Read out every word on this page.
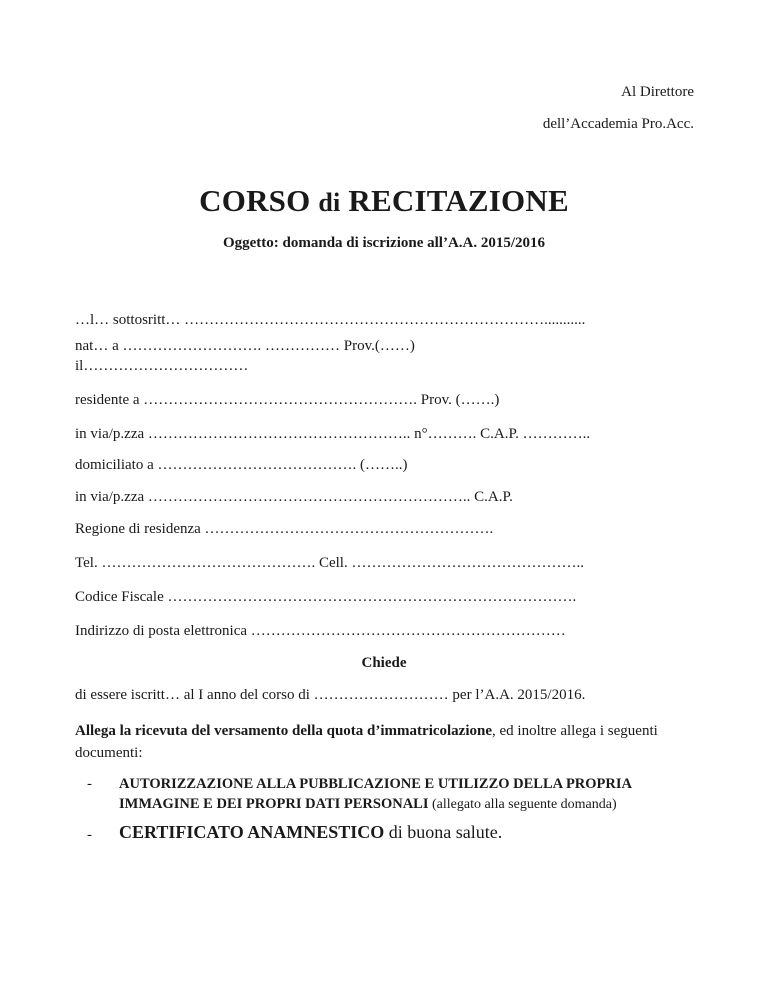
Al Direttore
dell’Accademia Pro.Acc.
CORSO di RECITAZIONE
Oggetto: domanda di iscrizione all’A.A. 2015/2016
…l… sottosritt… ………………………………………………………………...........
nat… a ………………………. …………… Prov.(……)
il……………………………
residente a ………………………………………………. Prov. (…….)
in via/p.zza …………………………………………….. n°………. C.A.P. …………..
domiciliato a …………………………………. (……..)
in via/p.zza ……………………………………………………….. C.A.P.
Regione di residenza ………………………………………………….
Tel. ……………………………………. Cell. ………………………………………..
Codice Fiscale ……………………………………………………………………….
Indirizzo di posta elettronica ………………………………………………………
Chiede
di essere iscritt… al I anno del corso di ……………………… per l’A.A. 2015/2016.
Allega la ricevuta del versamento della quota d’immatricolazione, ed inoltre allega i seguenti documenti:
- AUTORIZZAZIONE ALLA PUBBLICAZIONE E UTILIZZO DELLA PROPRIA IMMAGINE E DEI PROPRI DATI PERSONALI (allegato alla seguente domanda)
- CERTIFICATO ANAMNESTICO di buona salute.
